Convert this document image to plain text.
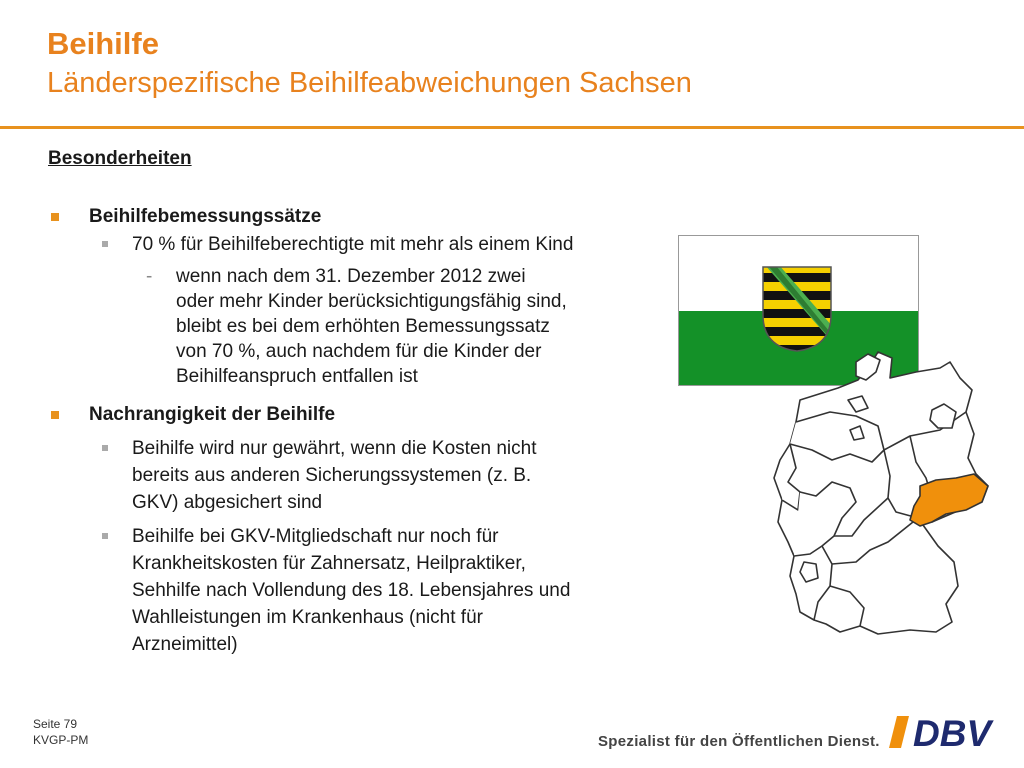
Beihilfe
Länderspezifische Beihilfeabweichungen Sachsen
Besonderheiten
Beihilfebemessungssätze
70 % für Beihilfeberechtigte mit mehr als einem Kind
- wenn nach dem 31. Dezember 2012 zwei
oder mehr Kinder berücksichtigungsfähig sind,
bleibt es bei dem erhöhten Bemessungssatz
von 70 %, auch nachdem für die Kinder der
Beihilfeanspruch entfallen ist
Nachrangigkeit der Beihilfe
Beihilfe wird nur gewährt, wenn die Kosten nicht
bereits aus anderen Sicherungssystemen (z. B.
GKV) abgesichert sind
Beihilfe bei GKV-Mitgliedschaft nur noch für
Krankheitskosten für Zahnersatz, Heilpraktiker,
Sehhilfe nach Vollendung des 18. Lebensjahres und
Wahlleistungen im Krankenhaus (nicht für
Arzneimittel)
Seite 79
KVGP-PM	Spezialist für den Öffentlichen Dienst. DBV
